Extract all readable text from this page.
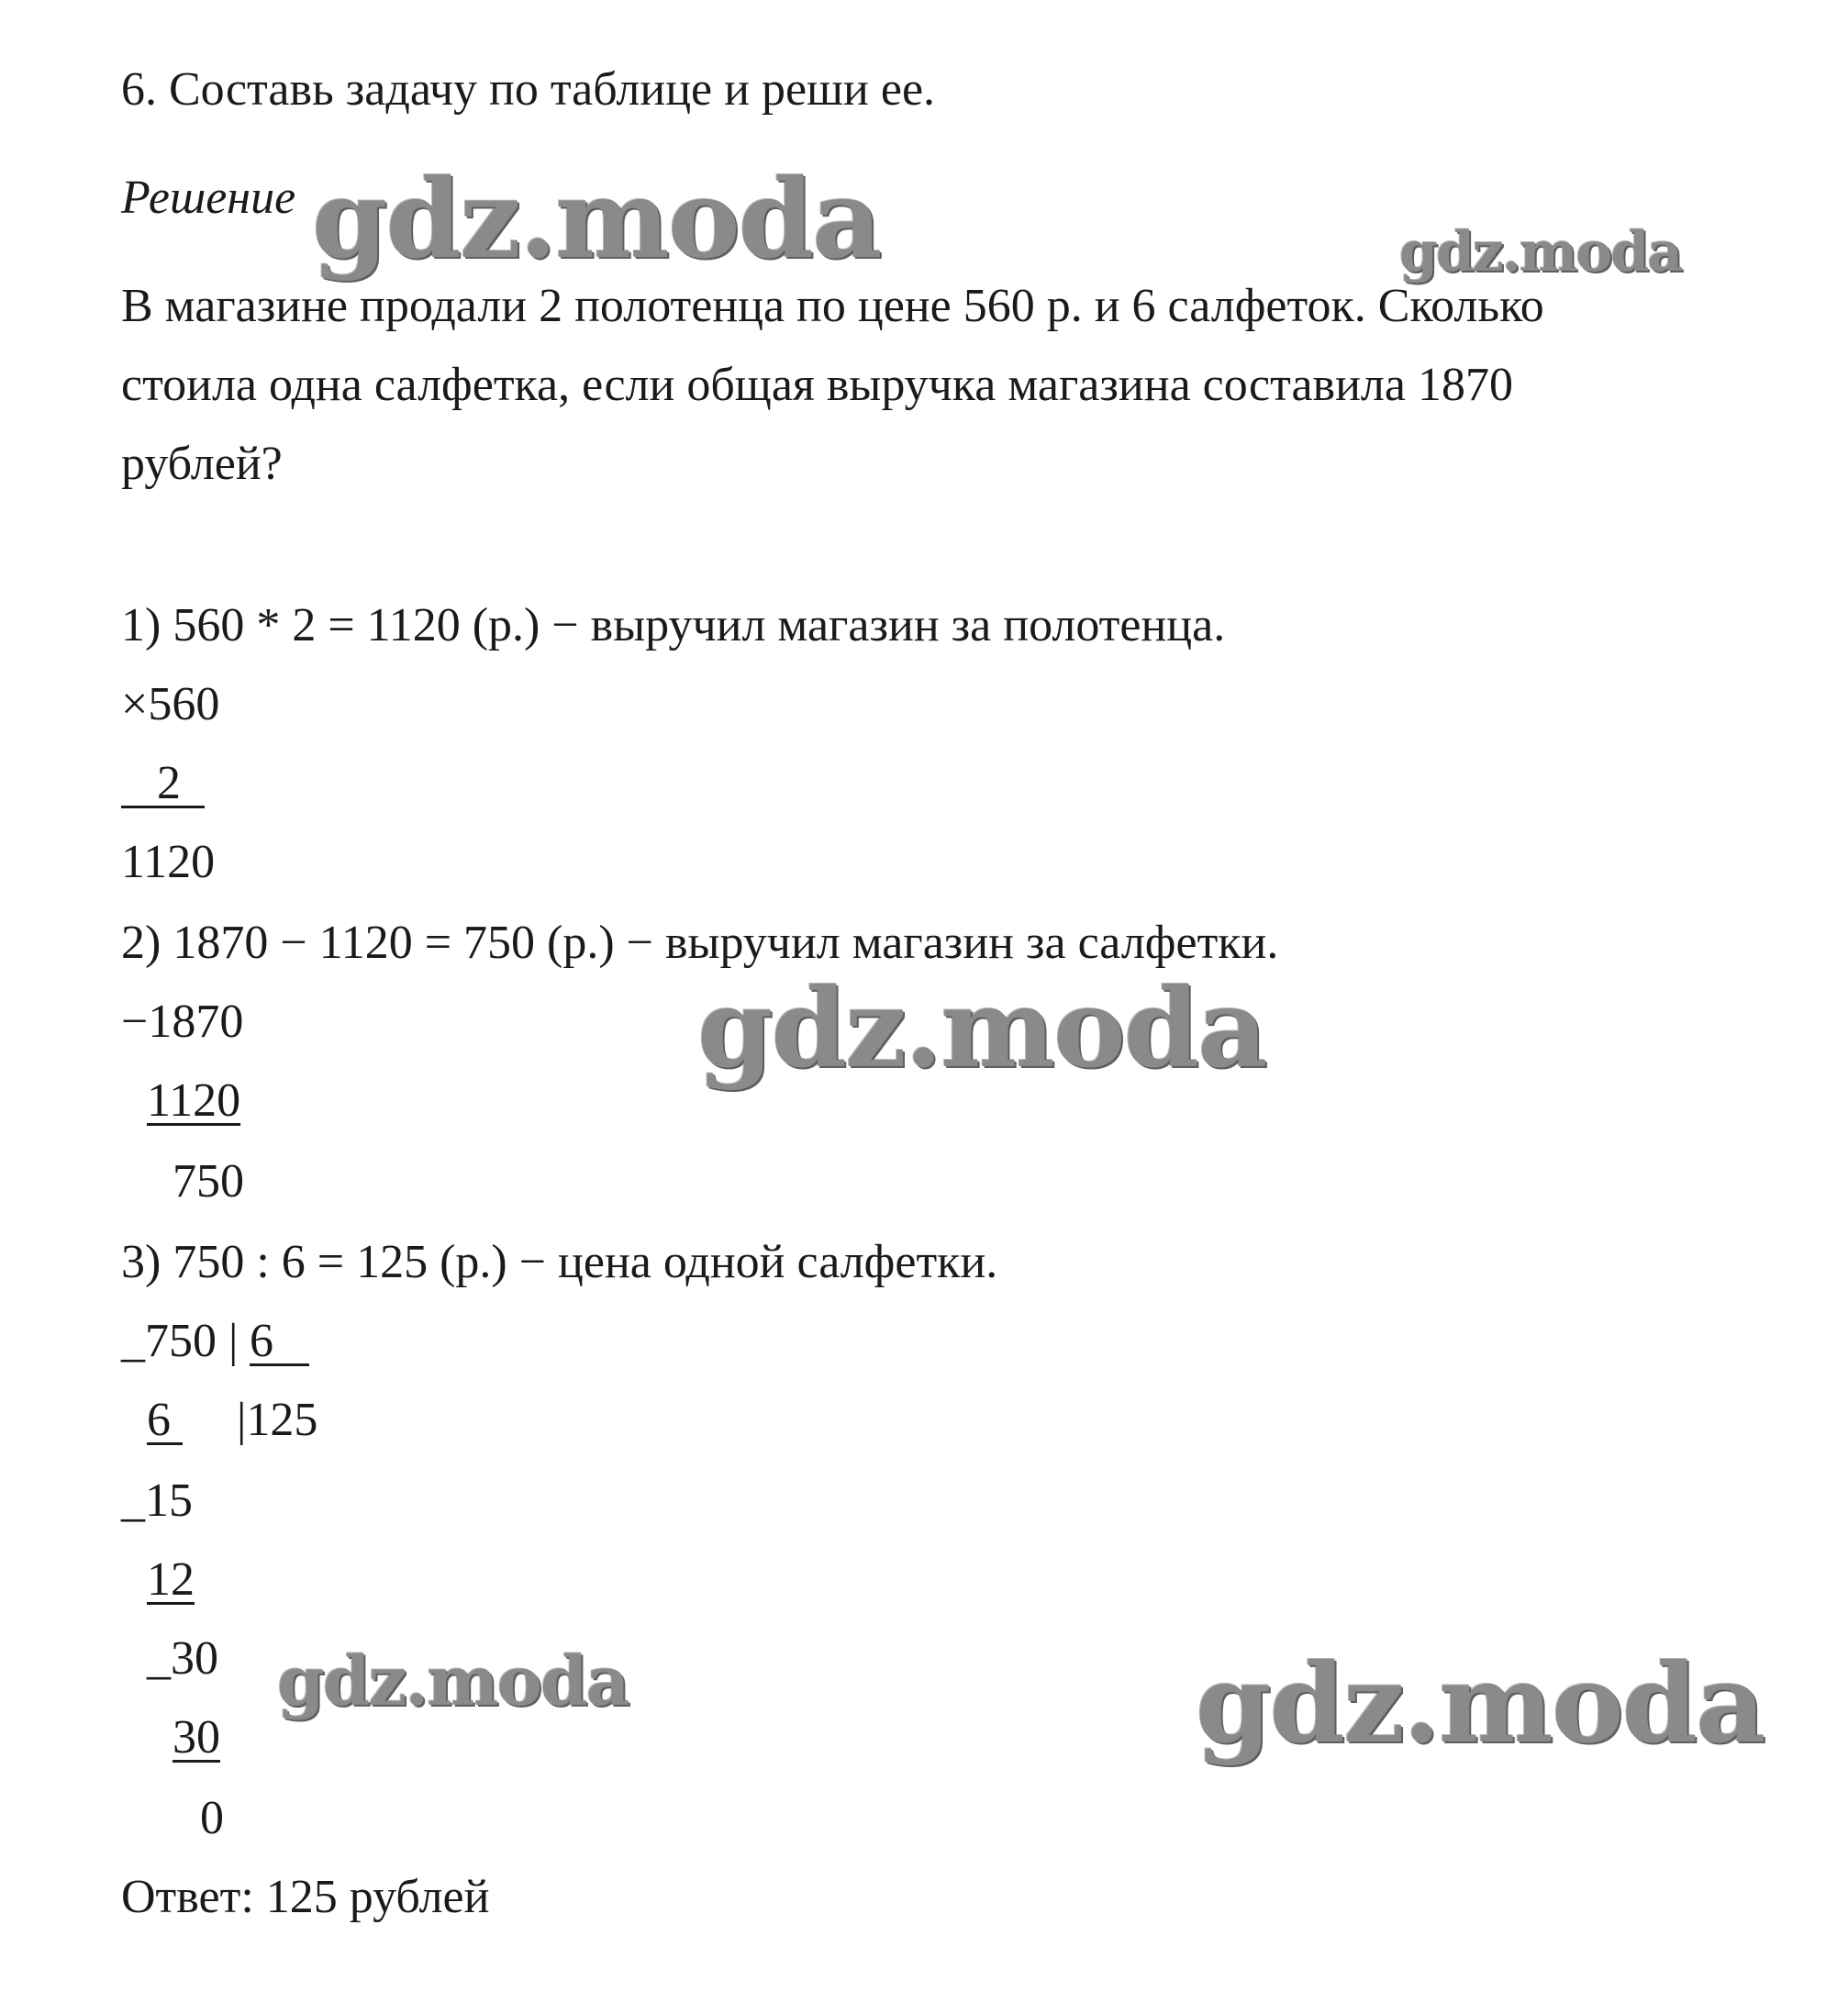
6. Составь задачу по таблице и реши ее.
Решение
В магазине продали 2 полотенца по цене 560 р. и 6 салфеток. Сколько
стоила одна салфетка, если общая выручка магазина составила 1870
рублей?
1) 560 * 2 = 1120 (р.) − выручил магазин за полотенца.
×560
2
1120
2) 1870 − 1120 = 750 (р.) − выручил магазин за салфетки.
−1870
1120
750
3) 750 : 6 = 125 (р.) − цена одной салфетки.
_750 | 6
6 |125
_15
12
_30
30
0
Ответ: 125 рублей
gdz.moda	gdz.moda
gdz.moda
gdz.moda	gdz.moda
